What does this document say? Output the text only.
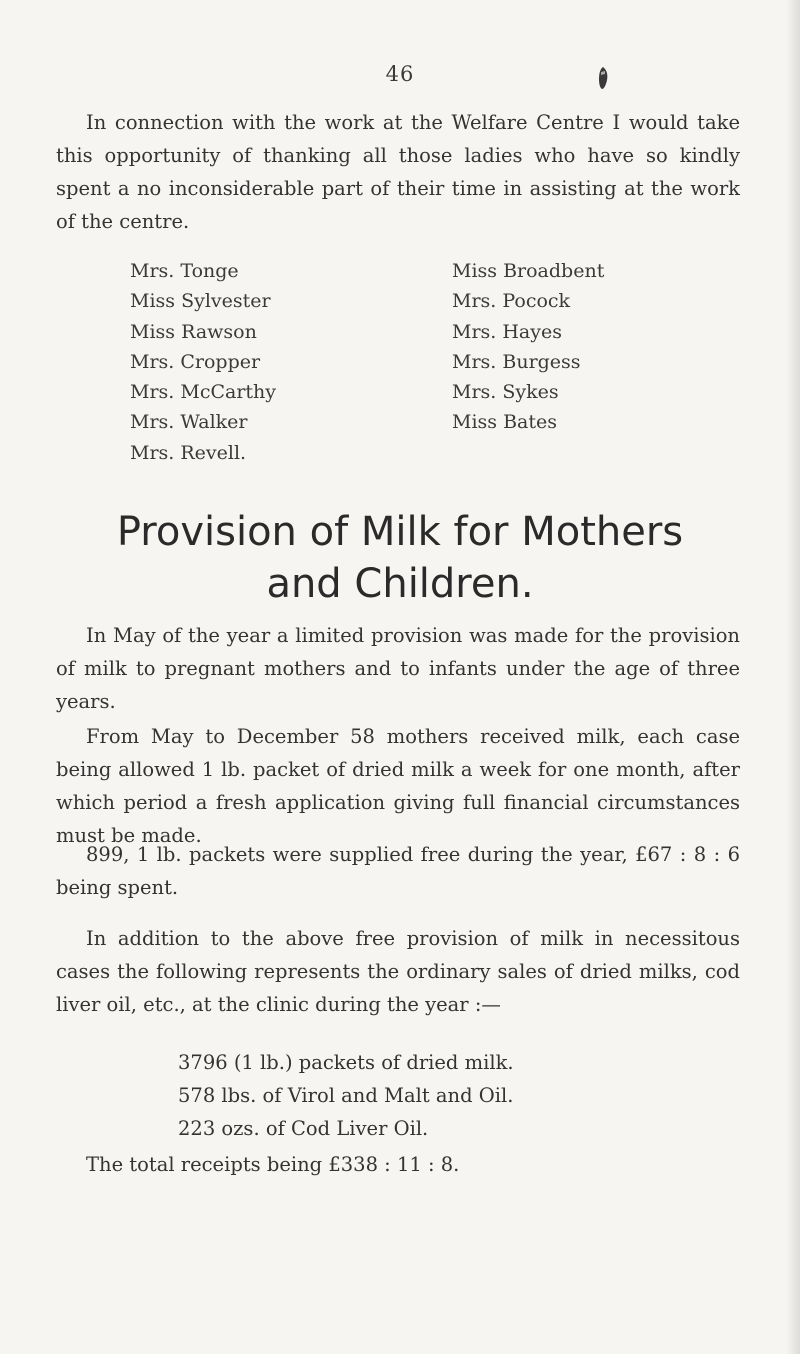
46

In connection with the work at the Welfare Centre I would take this opportunity of thanking all those ladies who have so kindly spent a no inconsiderable part of their time in assisting at the work of the centre.

Mrs. Tonge
Miss Sylvester
Miss Rawson
Mrs. Cropper
Mrs. McCarthy
Mrs. Walker
Mrs. Revell.
Miss Broadbent
Mrs. Pocock
Mrs. Hayes
Mrs. Burgess
Mrs. Sykes
Miss Bates
Provision of Milk for Mothers
and Children.

In May of the year a limited provision was made for the provision of milk to pregnant mothers and to infants under the age of three years.

From May to December 58 mothers received milk, each case being allowed 1 lb. packet of dried milk a week for one month, after which period a fresh application giving full financial circumstances must be made.

899, 1 lb. packets were supplied free during the year, £67 : 8 : 6 being spent.

In addition to the above free provision of milk in necessitous cases the following represents the ordinary sales of dried milks, cod liver oil, etc., at the clinic during the year :—

3796 (1 lb.) packets of dried milk.
578 lbs. of Virol and Malt and Oil.
223 ozs. of Cod Liver Oil.

The total receipts being £338 : 11 : 8.
